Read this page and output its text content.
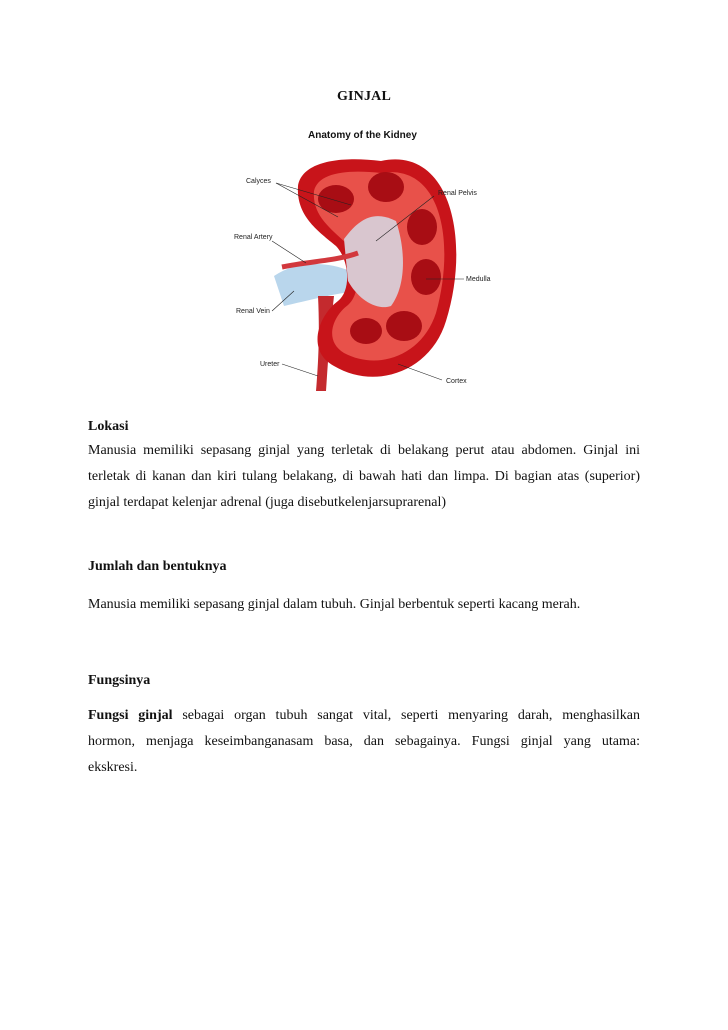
GINJAL
Anatomy of the Kidney
Calyces
Renal Pelvis
Renal Artery
Medulla
Renal Vein
Ureter
Cortex
Lokasi
Manusia memiliki sepasang ginjal yang terletak di belakang perut atau abdomen. Ginjal ini
terletak di kanan dan kiri tulang belakang, di bawah hati dan limpa. Di bagian atas (superior)
ginjal terdapat kelenjar adrenal (juga disebutkelenjarsuprarenal)
Jumlah dan bentuknya
Manusia memiliki sepasang ginjal dalam tubuh. Ginjal berbentuk seperti kacang merah.
Fungsinya
Fungsi ginjal sebagai organ tubuh sangat vital, seperti menyaring darah, menghasilkan
hormon, menjaga keseimbanganasam basa, dan sebagainya. Fungsi ginjal yang utama:
ekskresi.
